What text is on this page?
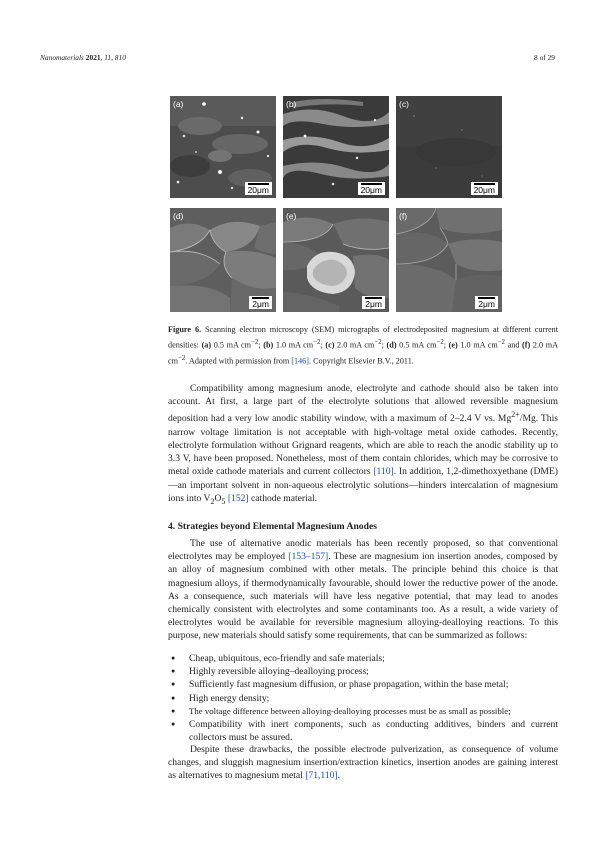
Nanomaterials 2021, 11, 810	8 of 29
(a)
20μm
(b)
20μm
(c)
20μm
(d)
2μm
(e)
2μm
(f)
2μm
Figure 6. Scanning electron microscopy (SEM) micrographs of electrodeposited magnesium at different current densities: (a) 0.5 mA $cm^{-2}$; (b) 1.0 mA $cm^{-2}$; (c) 2.0 mA $cm^{-2}$; (d) 0.5 mA $cm^{-2}$; (e) 1.0 mA $cm^{-2}$ and (f) 2.0 mA $cm^{-2}$. Adapted with permission from [146]. Copyright Elsevier B.V., 2011.

Compatibility among magnesium anode, electrolyte and cathode should also be taken into account. At first, a large part of the electrolyte solutions that allowed reversible magnesium deposition had a very low anodic stability window, with a maximum of 2–2.4 V vs. $Mg^{2+}/Mg$. This narrow voltage limitation is not acceptable with high-voltage metal oxide cathodes. Recently, electrolyte formulation without Grignard reagents, which are able to reach the anodic stability up to 3.3 V, have been proposed. Nonetheless, most of them contain chlorides, which may be corrosive to metal oxide cathode materials and current collectors [110]. In addition, 1,2-dimethoxyethane (DME)—an important solvent in non-aqueous electrolytic solutions—hinders intercalation of magnesium ions into $V_2O_5$ [152] cathode material.

4. Strategies beyond Elemental Magnesium Anodes

The use of alternative anodic materials has been recently proposed, so that conventional electrolytes may be employed [153–157]. These are magnesium ion insertion anodes, composed by an alloy of magnesium combined with other metals. The principle behind this choice is that magnesium alloys, if thermodynamically favourable, should lower the reductive power of the anode. As a consequence, such materials will have less negative potential, that may lead to anodes chemically consistent with electrolytes and some contaminants too. As a result, a wide variety of electrolytes would be available for reversible magnesium alloying-dealloying reactions. To this purpose, new materials should satisfy some requirements, that can be summarized as follows:

● Cheap, ubiquitous, eco-friendly and safe materials;
● Highly reversible alloying–dealloying process;
● Sufficiently fast magnesium diffusion, or phase propagation, within the base metal;
● High energy density;
● The voltage difference between alloying-dealloying processes must be as small as possible;
● Compatibility with inert components, such as conducting additives, binders and current collectors must be assured.

Despite these drawbacks, the possible electrode pulverization, as consequence of volume changes, and sluggish magnesium insertion/extraction kinetics, insertion anodes are gaining interest as alternatives to magnesium metal [71,110].
